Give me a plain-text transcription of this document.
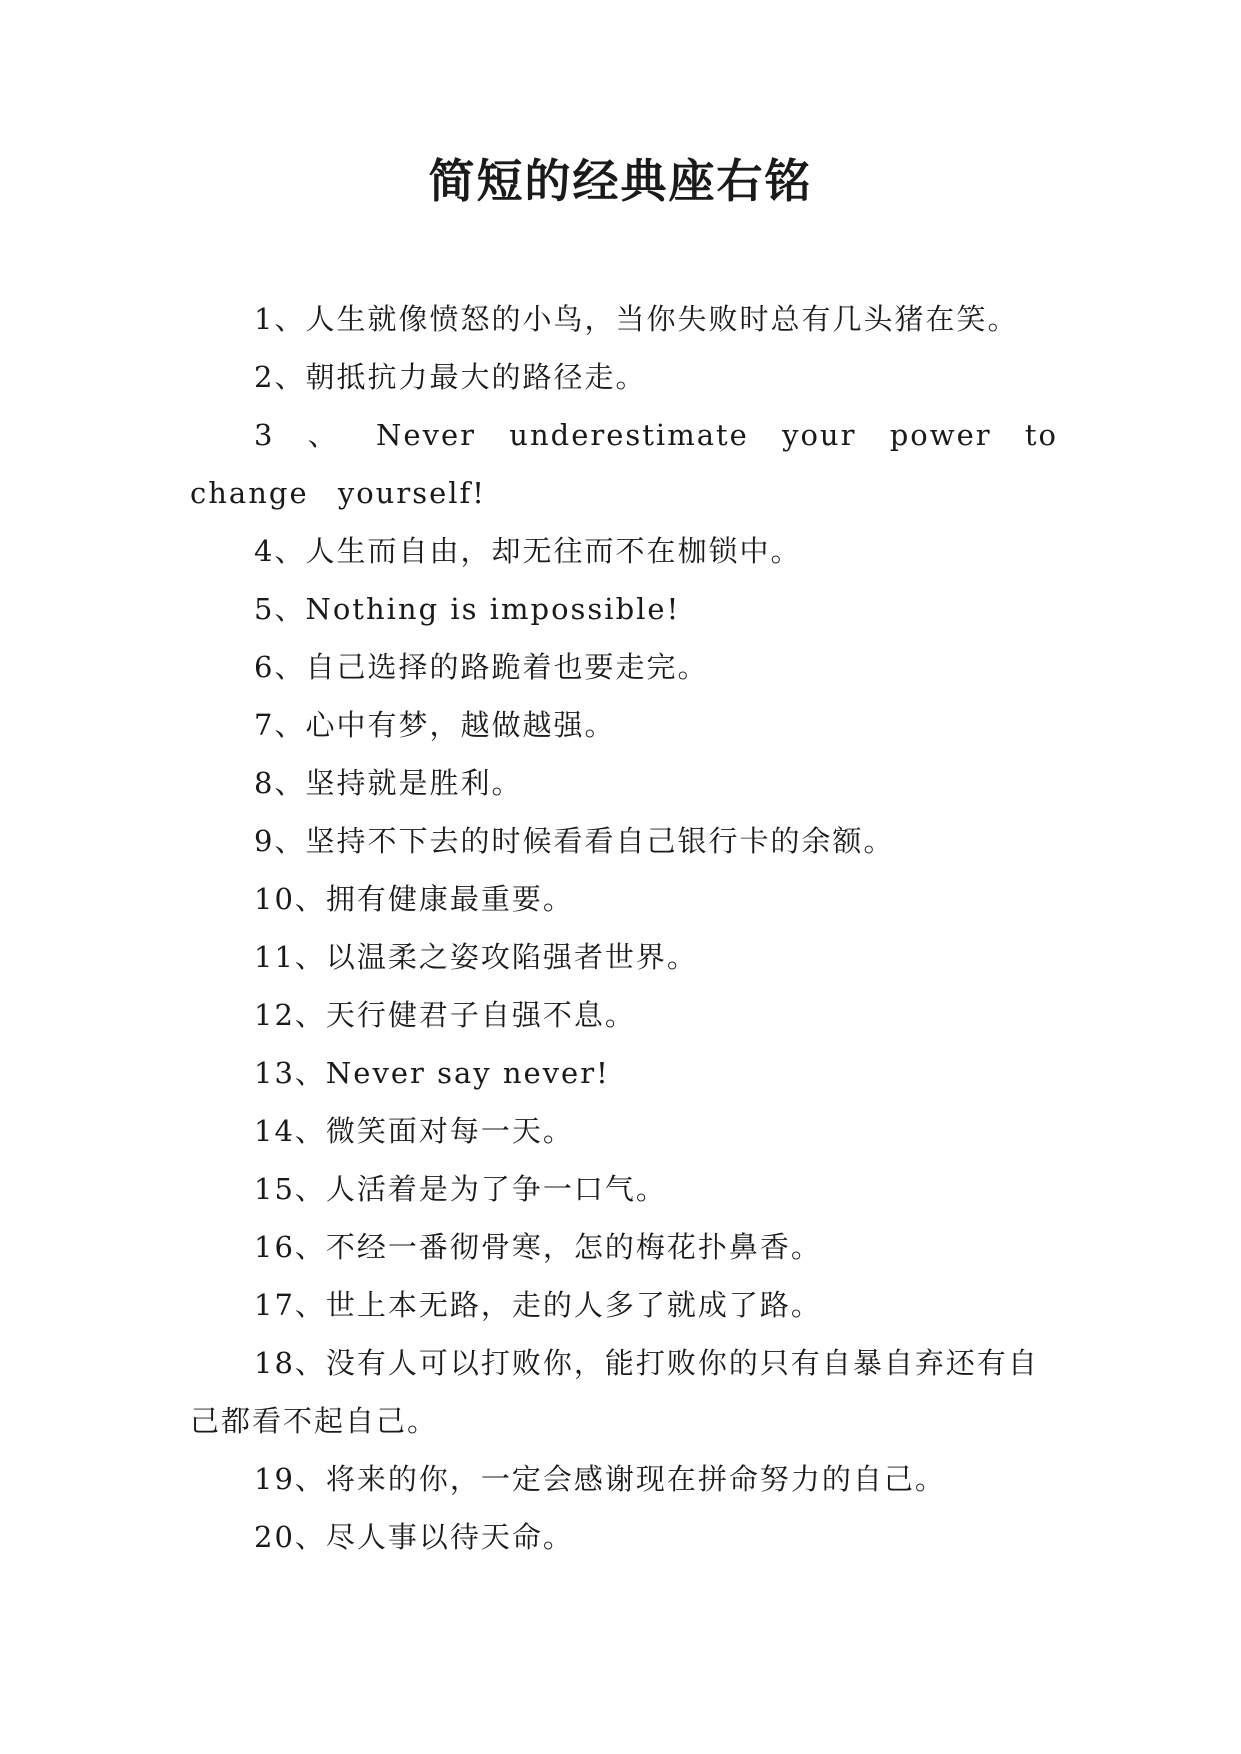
简短的经典座右铭

1、人生就像愤怒的小鸟，当你失败时总有几头猪在笑。

2、朝抵抗力最大的路径走。

3 、 Never underestimate your power to change yourself!

4、人生而自由，却无往而不在枷锁中。

5、Nothing is impossible!

6、自己选择的路跪着也要走完。

7、心中有梦，越做越强。

8、坚持就是胜利。

9、坚持不下去的时候看看自己银行卡的余额。

10、拥有健康最重要。

11、以温柔之姿攻陷强者世界。

12、天行健君子自强不息。

13、Never say never!

14、微笑面对每一天。

15、人活着是为了争一口气。

16、不经一番彻骨寒，怎的梅花扑鼻香。

17、世上本无路，走的人多了就成了路。

18、没有人可以打败你，能打败你的只有自暴自弃还有自己都看不起自己。

19、将来的你，一定会感谢现在拼命努力的自己。

20、尽人事以待天命。
